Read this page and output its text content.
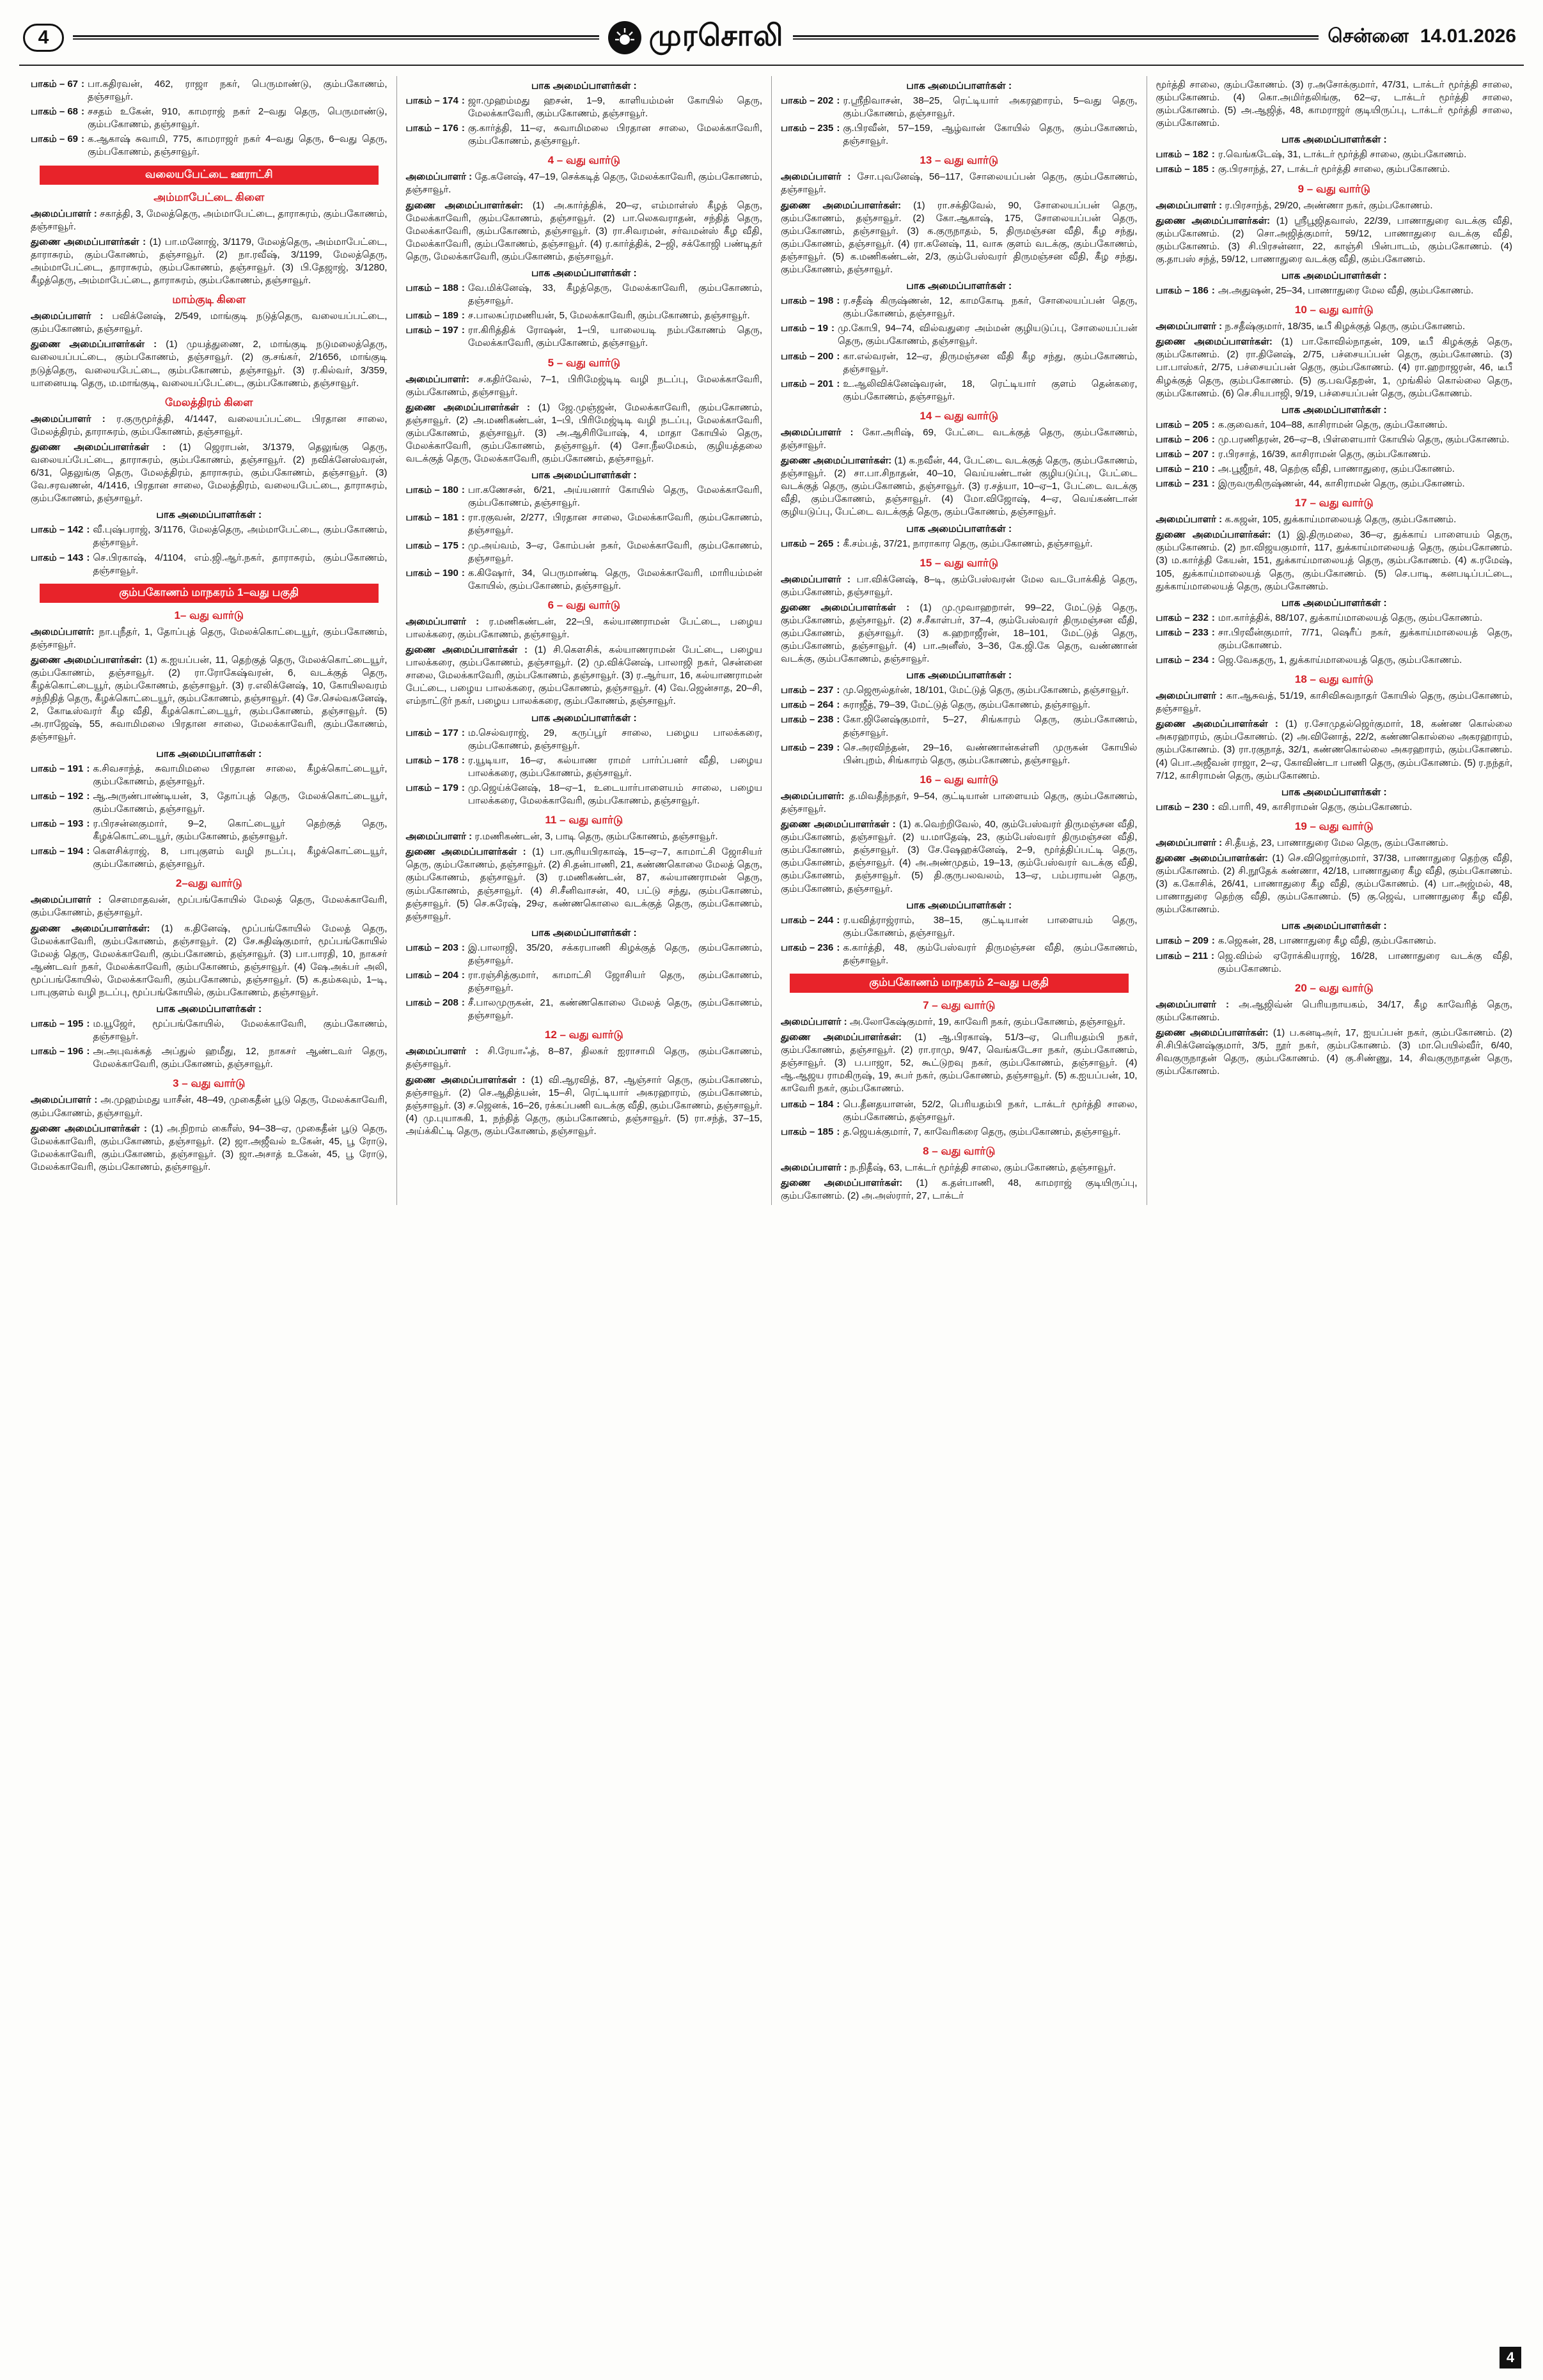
4	முரசொலி	சென்னை 14.01.2026

பாகம் – 67 : பா.கதிரவன், 462, ராஜா நகர், பெருமாண்டு, கும்பகோணம், தஞ்சாவூர்.

பாகம் – 68 : சசதம் உகேன், 910, காமராஜ் நகர் 2–வது தெரு, பெருமாண்டு, கும்பகோணம், தஞ்சாவூர்.

பாகம் – 69 : க.ஆகாஷ் சுவாமி, 775, காமராஜர் நகர் 4–வது தெரு, 6–வது தெரு, கும்பகோணம், தஞ்சாவூர்.

வலையபேட்டை ஊராட்சி
அம்மாபேட்டை கிளை

அமைப்பாளர் : சகாத்தி, 3, மேலத்தெரு, அம்மாபேட்டை, தாராசுரம், கும்பகோணம், தஞ்சாவூர்.

துணை அமைப்பாளர்கள் : (1) பா.மனோஜ், 3/1179, மேலத்தெரு, அம்மாபேட்டை, தாராசுரம், கும்பகோணம், தஞ்சாவூர். (2) நா.ரவீஷ், 3/1199, மேலத்தெரு, அம்மாபேட்டை, தாராசுரம், கும்பகோணம், தஞ்சாவூர். (3) பி.தேஜாஜ், 3/1280, கீழத்தெரு, அம்மாபேட்டை, தாராசுரம், கும்பகோணம், தஞ்சாவூர்.

மாம்குடி கிளை

அமைப்பாளர் : பவிக்னேஷ், 2/549, மாங்குடி நடுத்தெரு, வலையப்பட்டை, கும்பகோணம், தஞ்சாவூர்.

துணை அமைப்பாளர்கள் : (1) முயத்துணை, 2, மாங்குடி நடுமலைத்தெரு, வலையப்பட்டை, கும்பகோணம், தஞ்சாவூர். (2) கு.சங்கர், 2/1656, மாங்குடி நடுத்தெரு, வலையபேட்டை, கும்பகோணம், தஞ்சாவூர். (3) ர.கில்வர், 3/359, யானையடி தெரு, ம.மாங்குடி, வலையப்பேட்டை, கும்பகோணம், தஞ்சாவூர்.

மேலத்திரம் கிளை

அமைப்பாளர் : ர.குருமூர்த்தி, 4/1447, வலையப்பட்டை பிரதான சாலை, மேலத்திரம், தாராசுரம், கும்பகோணம், தஞ்சாவூர்.

துணை அமைப்பாளர்கள் : (1) ஜெராபன், 3/1379, தெலுங்கு தெரு, வலையப்பேட்டை, தாராசுரம், கும்பகோணம், தஞ்சாவூர். (2) நவிக்னேஸ்வரன், 6/31, தெலுங்கு தெரு, மேலத்திரம், தாராசுரம், கும்பகோணம், தஞ்சாவூர். (3) வே.சரவணன், 4/1416, பிரதான சாலை, மேலத்திரம், வலையபேட்டை, தாராசுரம், கும்பகோணம், தஞ்சாவூர்.

பாக அமைப்பாளர்கள் :

பாகம் – 142 : வீ.புஷ்பராஜ், 3/1176, மேலத்தெரு, அம்மாபேட்டை, கும்பகோணம், தஞ்சாவூர்.

பாகம் – 143 : செ.பிரகாஷ், 4/1104, எம்.ஜி.ஆர்.நகர், தாராசுரம், கும்பகோணம், தஞ்சாவூர்.

கும்பகோணம் மாநகரம் 1–வது பகுதி
1– வது வார்டு

அமைப்பாளர்: நா.புநீதர், 1, தோப்புத் தெரு, மேலக்கொட்டையூர், கும்பகோணம், தஞ்சாவூர்.

துணை அமைப்பாளர்கள்: (1) க.ஐயப்பன், 11, தெற்குத் தெரு, மேலக்கொட்டையூர், கும்பகோணம், தஞ்சாவூர். (2) ரா.ரோகேஷ்வரன், 6, வடக்குத் தெரு, கீழக்கொட்டையூர், கும்பகோணம், தஞ்சாவூர். (3) ர.எலிக்னேஷ், 10, கோயிலவரம் சந்நிதித் தெரு, கீழக்கொட்டையூர், கும்பகோணம், தஞ்சாவூர். (4) சே.செல்வகனேஷ், 2, கோடீஸ்வரர் கீழ வீதி, கீழக்கொட்டையூர், கும்பகோணம், தஞ்சாவூர். (5) அ.ராஜேஷ், 55, சுவாமிமலை பிரதான சாலை, மேலக்காவேரி, கும்பகோணம், தஞ்சாவூர்.

பாக அமைப்பாளர்கள் :

பாகம் – 191 : க.சிவசாந்த், சுவாமிமலை பிரதான சாலை, கீழக்கொட்டையூர், கும்பகோணம், தஞ்சாவூர்.

பாகம் – 192 : ஆ.அருண்பாண்டியன், 3, தோப்புத் தெரு, மேலக்கொட்டையூர், கும்பகோணம், தஞ்சாவூர்.

பாகம் – 193 : ர.பிரசன்னகுமார், 9–2, கொட்டையூர் தெற்குத் தெரு, கீழக்கொட்டையூர், கும்பகோணம், தஞ்சாவூர்.

பாகம் – 194 : கௌசிக்ராஜ், 8, பாபுகுளம் வழி நடப்பு, கீழக்கொட்டையூர், கும்பகோணம், தஞ்சாவூர்.

2–வது வார்டு

அமைப்பாளர் : சௌமாதவன், மூப்பங்கோயில் மேலத் தெரு, மேலக்காவேரி, கும்பகோணம், தஞ்சாவூர்.

துணை அமைப்பாளர்கள்: (1) க.தினேஷ், மூப்பங்கோயில் மேலத் தெரு, மேலக்காவேரி, கும்பகோணம், தஞ்சாவூர். (2) சே.சுதிஷ்குமார், மூப்பங்கோயில் மேலத் தெரு, மேலக்காவேரி, கும்பகோணம், தஞ்சாவூர். (3) பா.பாரதி, 10, நாகசர் ஆண்டவர் நகர், மேலக்காவேரி, கும்பகோணம், தஞ்சாவூர். (4) ஷே.அக்பர் அலி, மூப்பங்கோயில், மேலக்காவேரி, கும்பகோணம், தஞ்சாவூர். (5) க.தம்கவும், 1–டி, பாபுகுளம் வழி நடப்பு, மூப்பங்கோயில், கும்பகோணம், தஞ்சாவூர்.

பாக அமைப்பாளர்கள் :

பாகம் – 195 : ம.யூஜேர், மூப்பங்கோயில், மேலக்காவேரி, கும்பகோணம், தஞ்சாவூர்.

பாகம் – 196 : அ.அபுவக்கத் அப்துல் ஹமீது, 12, நாகசர் ஆண்டவர் தெரு, மேலக்காவேரி, கும்பகோணம், தஞ்சாவூர்.

3 – வது வார்டு

அமைப்பாளர் : அ.முஹம்மது யாசீன், 48–49, முகைதீன் பூடு தெரு, மேலக்காவேரி, கும்பகோணம், தஞ்சாவூர்.

துணை அமைப்பாளர்கள் : (1) அ.நிறாம் கைரீஸ், 94–38–ஏ, முகைதீன் பூடு தெரு, மேலக்காவேரி, கும்பகோணம், தஞ்சாவூர். (2) ஜா.அஜீவல் உகேன், 45, பூ ரோடு, மேலக்காவேரி, கும்பகோணம், தஞ்சாவூர். (3) ஜா.அசாத் உகேன், 45, பூ ரோடு, மேலக்காவேரி, கும்பகோணம், தஞ்சாவூர்.

பாக அமைப்பாளர்கள் :

பாகம் – 174 : ஜா.முஹம்மது ஹசன், 1–9, காளியம்மன் கோயில் தெரு, மேலக்காவேரி, கும்பகோணம், தஞ்சாவூர்.

பாகம் – 176 : கு.கார்த்தி, 11–ஏ, சுவாமிமலை பிரதான சாலை, மேலக்காவேரி, கும்பகோணம், தஞ்சாவூர்.

4 – வது வார்டு

அமைப்பாளர் : தே.கனேஷ், 47–19, செக்கடித் தெரு, மேலக்காவேரி, கும்பகோணம், தஞ்சாவூர்.

துணை அமைப்பாளர்கள்: (1) அ.கார்த்திக், 20–ஏ, எம்மாள்ஸ் கீழத் தெரு, மேலக்காவேரி, கும்பகோணம், தஞ்சாவூர். (2) பா.லெகவராதன், சந்தித் தெரு, மேலக்காவேரி, கும்பகோணம், தஞ்சாவூர். (3) ரா.சிவரமன், சர்வமன்ஸ் கீழ வீதி, மேலக்காவேரி, கும்பகோணம், தஞ்சாவூர். (4) ர.கார்த்திக், 2–ஜி, சக்கோஜி பண்டிதர் தெரு, மேலக்காவேரி, கும்பகோணம், தஞ்சாவூர்.

பாக அமைப்பாளர்கள் :

பாகம் – 188 : வே.மிக்னேஷ், 33, கீழத்தெரு, மேலக்காவேரி, கும்பகோணம், தஞ்சாவூர்.

பாகம் – 189 : ச.பாலசுப்ரமணியன், 5, மேலக்காவேரி, கும்பகோணம், தஞ்சாவூர்.

பாகம் – 197 : ரா.கிரித்திக் ரோஷன், 1–பி, யாலையடி நம்பகோணம் தெரு, மேலக்காவேரி, கும்பகோணம், தஞ்சாவூர்.

5 – வது வார்டு

அமைப்பாளர்: ச.கதிர்வேல், 7–1, பிரிமேஜ்டிடி வழி நடப்பு, மேலக்காவேரி, கும்பகோணம், தஞ்சாவூர்.

துணை அமைப்பாளர்கள் : (1) ஜே.முஞ்ஜன், மேலக்காவேரி, கும்பகோணம், தஞ்சாவூர். (2) அ.மணிகண்டன், 1–பி, பிரிமேஜ்டிடி வழி நடப்பு, மேலக்காவேரி, கும்பகோணம், தஞ்சாவூர். (3) அ.ஆசிரியோஷ், 4, மாதா கோயில் தெரு, மேலக்காவேரி, கும்பகோணம், தஞ்சாவூர். (4) சோ.நீலமேகம், குழியத்தலை வடக்குத் தெரு, மேலக்காவேரி, கும்பகோணம், தஞ்சாவூர்.

பாக அமைப்பாளர்கள் :

பாகம் – 180 : பா.கணேசன், 6/21, அய்யனார் கோயில் தெரு, மேலக்காவேரி, கும்பகோணம், தஞ்சாவூர்.

பாகம் – 181 : ரா.ரகுவன், 2/277, பிரதான சாலை, மேலக்காவேரி, கும்பகோணம், தஞ்சாவூர்.

பாகம் – 175 : மு.அய்வம், 3–ஏ, கோம்பன் நகர், மேலக்காவேரி, கும்பகோணம், தஞ்சாவூர்.

பாகம் – 190 : க.கிஷோர், 34, பெருமாண்டி தெரு, மேலக்காவேரி, மாரியம்மன் கோயில், கும்பகோணம், தஞ்சாவூர்.

6 – வது வார்டு

அமைப்பாளர் : ர.மணிகண்டன், 22–பி, கல்யாணராமன் பேட்டை, பழைய பாலக்கரை, கும்பகோணம், தஞ்சாவூர்.

துணை அமைப்பாளர்கள் : (1) சி.கௌசிக், கல்யாணராமன் பேட்டை, பழைய பாலக்கரை, கும்பகோணம், தஞ்சாவூர். (2) மு.விக்னேஷ், பாலாஜி நகர், சென்னை சாலை, மேலக்காவேரி, கும்பகோணம், தஞ்சாவூர். (3) ர.ஆர்யா, 16, கல்யாணராமன் பேட்டை, பழைய பாலக்கரை, கும்பகோணம், தஞ்சாவூர். (4) வே.ஜென்சாத, 20–சி, எம்நாட்டூர் நகர், பழைய பாலக்கரை, கும்பகோணம், தஞ்சாவூர்.

பாக அமைப்பாளர்கள் :

பாகம் – 177 : ம.செல்வராஜ், 29, கருப்பூர் சாலை, பழைய பாலக்கரை, கும்பகோணம், தஞ்சாவூர்.

பாகம் – 178 : ர.யூடியா, 16–ஏ, கல்யாண ராமர் பார்ப்பனர் வீதி, பழைய பாலக்கரை, கும்பகோணம், தஞ்சாவூர்.

பாகம் – 179 : மு.ஜெய்க்னேஷ், 18–ஏ–1, உடையார்பாளையம் சாலை, பழைய பாலக்கரை, மேலக்காவேரி, கும்பகோணம், தஞ்சாவூர்.

11 – வது வார்டு

அமைப்பாளர் : ர.மணிகண்டன், 3, பாடி தெரு, கும்பகோணம், தஞ்சாவூர்.

துணை அமைப்பாளர்கள் : (1) பா.சூரியபிரகாஷ், 15–ஏ–7, காமாட்சி ஜோசியர் தெரு, கும்பகோணம், தஞ்சாவூர். (2) சி.தன்பாணி, 21, கண்ணகொலை மேலத் தெரு, கும்பகோணம், தஞ்சாவூர். (3) ர.மணிகண்டன், 87, கல்யாணராமன் தெரு, கும்பகோணம், தஞ்சாவூர். (4) சி.சீனிவாசன், 40, பட்டு சந்து, கும்பகோணம், தஞ்சாவூர். (5) செ.சுரேஷ், 29ஏ, கண்ணகொலை வடக்குத் தெரு, கும்பகோணம், தஞ்சாவூர்.

பாக அமைப்பாளர்கள் :

பாகம் – 203 : இ.பாலாஜி, 35/20, சக்கரபாணி கிழக்குத் தெரு, கும்பகோணம், தஞ்சாவூர்.

பாகம் – 204 : ரா.ரஞ்சித்குமார், காமாட்சி ஜோசியர் தெரு, கும்பகோணம், தஞ்சாவூர்.

பாகம் – 208 : சீ.பாலமுருகன், 21, கண்ணகொலை மேலத் தெரு, கும்பகோணம், தஞ்சாவூர்.

12 – வது வார்டு

அமைப்பாளர் : சி.ரேயாஃத், 8–87, திலகர் ஐராசாமி தெரு, கும்பகோணம், தஞ்சாவூர்.

துணை அமைப்பாளர்கள் : (1) வி.ஆரவித், 87, ஆஞ்சார் தெரு, கும்பகோணம், தஞ்சாவூர். (2) செ.ஆதித்யன், 15–சி, ரெட்டியார் அகரஹாரம், கும்பகோணம், தஞ்சாவூர். (3) ச.ஜெனக், 16–26, ரக்கப்பணி வடக்கு வீதி, கும்பகோணம், தஞ்சாவூர். (4) மு.புயாசுகி, 1, நந்தித் தெரு, கும்பகோணம், தஞ்சாவூர். (5) ரா.சந்த், 37–15, அய்க்கிட்டி தெரு, கும்பகோணம், தஞ்சாவூர்.

பாக அமைப்பாளர்கள் :

பாகம் – 202 : ர.ஸ்ரீநிவாசன், 38–25, ரெட்டியார் அகரஹாரம், 5–வது தெரு, கும்பகோணம், தஞ்சாவூர்.

பாகம் – 235 : கு.பிரவீன், 57–159, ஆழ்வான் கோயில் தெரு, கும்பகோணம், தஞ்சாவூர்.

13 – வது வார்டு

அமைப்பாளர் : சோ.புவனேஷ், 56–117, சோலையப்பன் தெரு, கும்பகோணம், தஞ்சாவூர்.

துணை அமைப்பாளர்கள்: (1) ரா.சக்திவேல், 90, சோலையப்பன் தெரு, கும்பகோணம், தஞ்சாவூர். (2) கோ.ஆகாஷ், 175, சோலையப்பன் தெரு, கும்பகோணம், தஞ்சாவூர். (3) க.குருநாதம், 5, திருமஞ்சன வீதி, கீழ சந்து, கும்பகோணம், தஞ்சாவூர். (4) ரா.கனேஷ், 11, வாசு குளம் வடக்கு, கும்பகோணம், தஞ்சாவூர். (5) க.மணிகண்டன், 2/3, கும்பேஸ்வரர் திருமஞ்சன வீதி, கீழ சந்து, கும்பகோணம், தஞ்சாவூர்.

பாக அமைப்பாளர்கள் :

பாகம் – 198 : ர.சதீஷ் கிருஷ்ணன், 12, காமகோடி நகர், சோலையப்பன் தெரு, கும்பகோணம், தஞ்சாவூர்.

பாகம் – 19 : மு.கோபி, 94–74, வில்வதுரை அம்மன் குழியடுப்பு, சோலையப்பன் தெரு, கும்பகோணம், தஞ்சாவூர்.

பாகம் – 200 : கா.எல்வரன், 12–ஏ, திருமஞ்சன வீதி கீழ சந்து, கும்பகோணம், தஞ்சாவூர்.

பாகம் – 201 : உ.ஆலிவிக்னேஷ்வரன், 18, ரெட்டியார் குளம் தென்கரை, கும்பகோணம், தஞ்சாவூர்.

14 – வது வார்டு

அமைப்பாளர் : கோ.அரிஷ், 69, பேட்டை வடக்குத் தெரு, கும்பகோணம், தஞ்சாவூர்.

துணை அமைப்பாளர்கள்: (1) க.நவீன், 44, பேட்டை வடக்குத் தெரு, கும்பகோணம், தஞ்சாவூர். (2) சா.பா.சிநாதன், 40–10, வெய்யண்டான் குழியடுப்பு, பேட்டை வடக்குத் தெரு, கும்பகோணம், தஞ்சாவூர். (3) ர.சத்யா, 10–ஏ–1, பேட்டை வடக்கு வீதி, கும்பகோணம், தஞ்சாவூர். (4) மோ.விஜோஷ், 4–ஏ, வெய்கண்டான் குழியடுப்பு, பேட்டை வடக்குத் தெரு, கும்பகோணம், தஞ்சாவூர்.

பாக அமைப்பாளர்கள் :

பாகம் – 265 : கீ.சம்பத், 37/21, நாராகார தெரு, கும்பகோணம், தஞ்சாவூர்.

15 – வது வார்டு

அமைப்பாளர் : பா.விக்னேஷ், 8–டி, கும்பேஸ்வரன் மேல வடபோக்கித் தெரு, கும்பகோணம், தஞ்சாவூர்.

துணை அமைப்பாளர்கள் : (1) மு.முவாஹறாள், 99–22, மேட்டுத் தெரு, கும்பகோணம், தஞ்சாவூர். (2) ச.சீகாள்பர், 37–4, கும்பேஸ்வரர் திருமஞ்சன வீதி, கும்பகோணம், தஞ்சாவூர். (3) க.ஹறாஜீரன், 18–101, மேட்டுத் தெரு, கும்பகோணம், தஞ்சாவூர். (4) பா.அனீஸ், 3–36, கே.ஜி.கே தெரு, வண்ணான் வடக்கு, கும்பகோணம், தஞ்சாவூர்.

பாக அமைப்பாளர்கள் :

பாகம் – 237 : மு.ஜெரூல்தர்ன், 18/101, மேட்டுத் தெரு, கும்பகோணம், தஞ்சாவூர்.

பாகம் – 264 : சுராஜீத், 79–39, மேட்டுத் தெரு, கும்பகோணம், தஞ்சாவூர்.

பாகம் – 238 : கோ.ஜினேஷ்குமார், 5–27, சிங்காரம் தெரு, கும்பகோணம், தஞ்சாவூர்.

பாகம் – 239 : செ.அரவிந்தன், 29–16, வண்ணான்கள்ளி முருகன் கோயில் பின்புறம், சிங்காரம் தெரு, கும்பகோணம், தஞ்சாவூர்.

16 – வது வார்டு

அமைப்பாளர்: த.மிவதீந்நதர், 9–54, குட்டியான் பாளையம் தெரு, கும்பகோணம், தஞ்சாவூர்.

துணை அமைப்பாளர்கள் : (1) க.வெற்றிவேல், 40, கும்பேஸ்வரர் திருமஞ்சன வீதி, கும்பகோணம், தஞ்சாவூர். (2) ய.மாதேஷ், 23, கும்பேஸ்வரர் திருமஞ்சன வீதி, கும்பகோணம், தஞ்சாவூர். (3) சே.ஷேஹக்னேஷ், 2–9, மூர்த்திப்பட்டி தெரு, கும்பகோணம், தஞ்சாவூர். (4) அ.அண்முதம், 19–13, கும்பேஸ்வரர் வடக்கு வீதி, கும்பகோணம், தஞ்சாவூர். (5) தி.குருபலவலம், 13–ஏ, பம்பராயன் தெரு, கும்பகோணம், தஞ்சாவூர்.

பாக அமைப்பாளர்கள் :

பாகம் – 244 : ர.யவித்ராஜ்ராம், 38–15, குட்டியான் பாளையம் தெரு, கும்பகோணம், தஞ்சாவூர்.

பாகம் – 236 : க.கார்த்தி, 48, கும்பேஸ்வரர் திருமஞ்சன வீதி, கும்பகோணம், தஞ்சாவூர்.

கும்பகோணம் மாநகரம் 2–வது பகுதி
7 – வது வார்டு

அமைப்பாளர் : அ.லோகேஷ்குமார், 19, காவேரி நகர், கும்பகோணம், தஞ்சாவூர்.

துணை அமைப்பாளர்கள்: (1) ஆ.பிரகாஷ், 51/3–ஏ, பெரியதம்பி நகர், கும்பகோணம், தஞ்சாவூர். (2) ரா.ராமு, 9/47, வெங்கடேசா நகர், கும்பகோணம், தஞ்சாவூர். (3) ப.பாஜா, 52, கூட்டுறவு நகர், கும்பகோணம், தஞ்சாவூர். (4) ஆ.ஆஜய ராமகிருஷ், 19, சுபர் நகர், கும்பகோணம், தஞ்சாவூர். (5) க.ஐயப்பன், 10, காவேரி நகர், கும்பகோணம்.

பாகம் – 184 : பெ.தீனதயாளன், 52/2, பெரியதம்பி நகர், டாக்டர் மூர்த்தி சாலை, கும்பகோணம், தஞ்சாவூர்.

பாகம் – 185 : த.ஜெயக்குமார், 7, காவேரிகரை தெரு, கும்பகோணம், தஞ்சாவூர்.

8 – வது வார்டு

அமைப்பாளர் : ந.நிதீஷ், 63, டாக்டர் மூர்த்தி சாலை, கும்பகோணம், தஞ்சாவூர்.

துணை அமைப்பாளர்கள்: (1) க.தள்பாணி, 48, காமராஜ் குடியிருப்பு, கும்பகோணம். (2) அ.அஸ்ரார், 27, டாக்டர்

மூர்த்தி சாலை, கும்பகோணம். (3) ர.அசோக்குமார், 47/31, டாக்டர் மூர்த்தி சாலை, கும்பகோணம். (4) கொ.அமிர்தலிங்கு, 62–ஏ, டாக்டர் மூர்த்தி சாலை, கும்பகோணம். (5) அ.ஆஜித், 48, காமராஜர் குடியிருப்பு, டாக்டர் மூர்த்தி சாலை, கும்பகோணம்.

பாக அமைப்பாளர்கள் :

பாகம் – 182 : ர.வெங்கடேஷ், 31, டாக்டர் மூர்த்தி சாலை, கும்பகோணம்.

பாகம் – 185 : கு.பிரசாந்த், 27, டாக்டர் மூர்த்தி சாலை, கும்பகோணம்.

9 – வது வார்டு

அமைப்பாளர் : ர.பிரசாந்த், 29/20, அண்ணா நகர், கும்பகோணம்.

துணை அமைப்பாளர்கள்: (1) ஸ்ரீபூஜிதவாஸ், 22/39, பாணாதுரை வடக்கு வீதி, கும்பகோணம். (2) சொ.அஜித்குமார், 59/12, பாணாதுரை வடக்கு வீதி, கும்பகோணம். (3) சி.பிரசன்னா, 22, காஞ்சி பின்பாடம், கும்பகோணம். (4) கு.தாபஸ் சந்த், 59/12, பாணாதுரை வடக்கு வீதி, கும்பகோணம்.

பாக அமைப்பாளர்கள் :

பாகம் – 186 : அ.அதுஷன், 25–34, பாணாதுரை மேல வீதி, கும்பகோணம்.

10 – வது வார்டு

அமைப்பாளர் : ந.சதீஷ்குமார், 18/35, டீபீ கிழக்குத் தெரு, கும்பகோணம்.

துணை அமைப்பாளர்கள்: (1) பா.கோவில்நாதன், 109, டீபீ கிழக்குத் தெரு, கும்பகோணம். (2) ரா.தினேஷ், 2/75, பச்சையப்பன் தெரு, கும்பகோணம். (3) பா.பாஸ்கர், 2/75, பச்சையப்பன் தெரு, கும்பகோணம். (4) ரா.ஹறாஜரன், 46, டீபீ கிழக்குத் தெரு, கும்பகோணம். (5) கு.பவதேறன், 1, முங்கில் கொல்லை தெரு, கும்பகோணம். (6) செ.சியபாஜி, 9/19, பச்சையப்பன் தெரு, கும்பகோணம்.

பாக அமைப்பாளர்கள் :

பாகம் – 205 : க.குவைகர், 104–88, காசிராமன் தெரு, கும்பகோணம்.

பாகம் – 206 : மு.பரணிதரன், 26–ஏ–8, பிள்ளையார் கோயில் தெரு, கும்பகோணம்.

பாகம் – 207 : ர.பிரசாத், 16/39, காசிராமன் தெரு, கும்பகோணம்.

பாகம் – 210 : அ.பூஜீநர், 48, தெற்கு வீதி, பாணாதுரை, கும்பகோணம்.

பாகம் – 231 : இருவருகிருஷ்ணன், 44, காசிராமன் தெரு, கும்பகோணம்.

17 – வது வார்டு

அமைப்பாளர் : க.கஜன், 105, துக்காய்மாலையத் தெரு, கும்பகோணம்.

துணை அமைப்பாளர்கள்: (1) இ.திருமலை, 36–ஏ, துக்காய் பாளையம் தெரு, கும்பகோணம். (2) நா.விஜயகுமார், 117, துக்காய்மாலையத் தெரு, கும்பகோணம். (3) ம.கார்த்தி கேயன், 151, துக்காய்மாலையத் தெரு, கும்பகோணம். (4) க.ரமேஷ், 105, துக்காய்மாலையத் தெரு, கும்பகோணம். (5) செ.பாடி, கனபடிப்பட்டை, துக்காய்மாலையத் தெரு, கும்பகோணம்.

பாக அமைப்பாளர்கள் :

பாகம் – 232 : மா.கார்த்திக், 88/107, துக்காய்மாலையத் தெரு, கும்பகோணம்.

பாகம் – 233 : சா.பிரவீன்குமார், 7/71, ஷெரீப் நகர், துக்காய்மாலையத் தெரு, கும்பகோணம்.

பாகம் – 234 : ஜெ.வேகதரு, 1, துக்காய்மாலையத் தெரு, கும்பகோணம்.

18 – வது வார்டு

அமைப்பாளர் : கா.ஆசுவத், 51/19, காசிவிசுவநாதர் கோயில் தெரு, கும்பகோணம், தஞ்சாவூர்.

துணை அமைப்பாளர்கள் : (1) ர.சோமுதல்ஜெர்குமார், 18, கண்ண கொல்லை அகரஹாரம், கும்பகோணம். (2) அ.வினோத், 22/2, கண்ணகொல்லை அகரஹாரம், கும்பகோணம். (3) ரா.ரகுநாத், 32/1, கண்ணகொல்லை அகரஹாரம், கும்பகோணம். (4) பொ.அஜீவன் ராஜா, 2–ஏ, கோவிண்டா பாணி தெரு, கும்பகோணம். (5) ர.நந்தர், 7/12, காசிராமன் தெரு, கும்பகோணம்.

பாக அமைப்பாளர்கள் :

பாகம் – 230 : வி.பாரி, 49, காசிராமன் தெரு, கும்பகோணம்.

19 – வது வார்டு

அமைப்பாளர் : சி.தீயத், 23, பாணாதுரை மேல தெரு, கும்பகோணம்.

துணை அமைப்பாளர்கள்: (1) செ.விஜொர்குமார், 37/38, பாணாதுரை தெற்கு வீதி, கும்பகோணம். (2) சி.நூதேக் கண்ணா, 42/18, பாணாதுரை கீழ வீதி, கும்பகோணம். (3) க.கோசிக், 26/41, பாணாதுரை கீழ வீதி, கும்பகோணம். (4) பா.அஜ்மல், 48, பாணாதுரை தெற்கு வீதி, கும்பகோணம். (5) கு.ஜெவ், பாணாதுரை கீழ வீதி, கும்பகோணம்.

பாக அமைப்பாளர்கள் :

பாகம் – 209 : க.ஜெகன், 28, பாணாதுரை கீழ வீதி, கும்பகோணம்.

பாகம் – 211 : ஜெ.விம்ல் ஏரோக்கியராஜ், 16/28, பாணாதுரை வடக்கு வீதி, கும்பகோணம்.

20 – வது வார்டு

அமைப்பாளர் : அ.ஆஜிவ்ன் பெரியநாயகம், 34/17, கீழ காவேரித் தெரு, கும்பகோணம்.

துணை அமைப்பாளர்கள்: (1) ப.கனடிஅர், 17, ஐயப்பன் நகர், கும்பகோணம். (2) சி.சிபிக்னேஷ்குமார், 3/5, நூர் நகர், கும்பகோணம். (3) மா.பெயில்வீர், 6/40, சிவகுருநாதன் தெரு, கும்பகோணம். (4) கு.சிண்ணு, 14, சிவகுருநாதன் தெரு, கும்பகோணம்.

4
